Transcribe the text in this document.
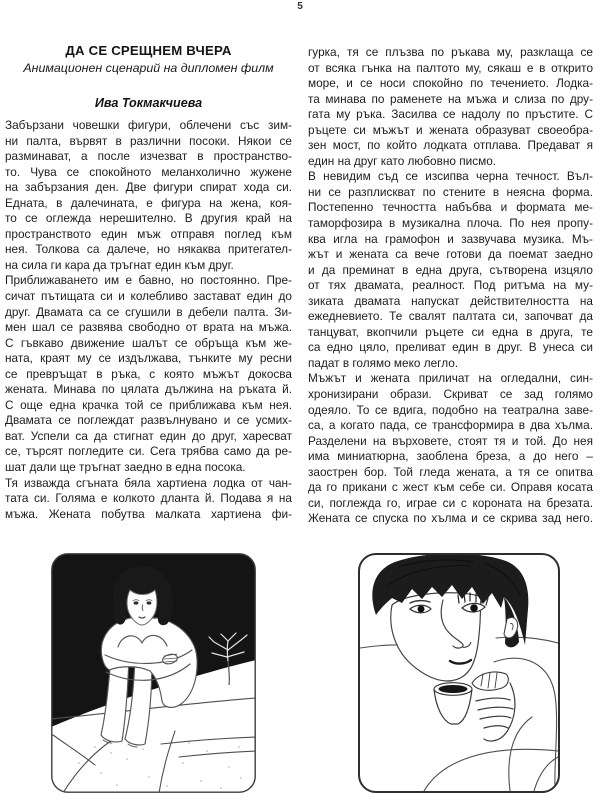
5
ДА СЕ СРЕЩНЕМ ВЧЕРА
Анимационен сценарий на дипломен филм
Ива Токмакчиева
Забързани човешки фигури, облечени със зим-
ни палта, вървят в различни посоки. Някои се
разминават, а после изчезват в пространство-
то. Чува се спокойното меланхолично жужене
на забързания ден. Две фигури спират хода си.
Едната, в далечината, е фигура на жена, коя-
то се оглежда нерешително. В другия край на
пространството един мъж отправя поглед към
нея. Толкова са далече, но някаква притегател-
на сила ги кара да тръгнат един към друг.
Приближаването им е бавно, но постоянно. Пре-
сичат пътищата си и колебливо застават един до
друг. Двамата са се сгушили в дебели палта. Зи-
мен шал се развява свободно от врата на мъжа.
С гъвкаво движение шалът се обръща към же-
ната, краят му се издължава, тънките му ресни
се превръщат в ръка, с която мъжът докосва
жената. Минава по цялата дължина на ръката й.
С още една крачка той се приближава към нея.
Двамата се поглеждат развълнувано и се усмих-
ват. Успели са да стигнат един до друг, харесват
се, търсят погледите си. Сега трябва само да ре-
шат дали ще тръгнат заедно в една посока.
Тя изважда сгъната бяла хартиена лодка от чан-
тата си. Голяма е колкото дланта й. Подава я на
мъжа. Жената побутва малката хартиена фи-
гурка, тя се плъзва по ръкава му, разклаща се
от всяка гънка на палтото му, сякаш е в открито
море, и се носи спокойно по течението. Лодка-
та минава по раменете на мъжа и слиза по дру-
гата му ръка. Засилва се надолу по пръстите. С
ръцете си мъжът и жената образуват своеобра-
зен мост, по който лодката отплава. Предават я
един на друг като любовно писмо.
В невидим съд се изсипва черна течност. Въл-
ни се разплискват по стените в неясна форма.
Постепенно течността набъбва и формата ме-
таморфозира в музикална плоча. По нея пропу-
ква игла на грамофон и зазвучава музика. Мъ-
жът и жената са вече готови да поемат заедно
и да преминат в една друга, сътворена изцяло
от тях двамата, реалност. Под ритъма на му-
зиката двамата напускат действителността на
ежедневието. Те свалят палтата си, започват да
танцуват, вкопчили ръцете си една в друга, те
са едно цяло, преливат един в друг. В унеса си
падат в голямо меко легло.
Мъжът и жената приличат на огледални, син-
хронизирани образи. Скриват се зад голямо
одеяло. То се вдига, подобно на театрална заве-
са, а когато пада, се трансформира в два хълма.
Разделени на върховете, стоят тя и той. До нея
има миниатюрна, заоблена бреза, а до него –
заострен бор. Той гледа жената, а тя се опитва
да го прикани с жест към себе си. Оправя косата
си, поглежда го, играе си с короната на брезата.
Жената се спуска по хълма и се скрива зад него.
